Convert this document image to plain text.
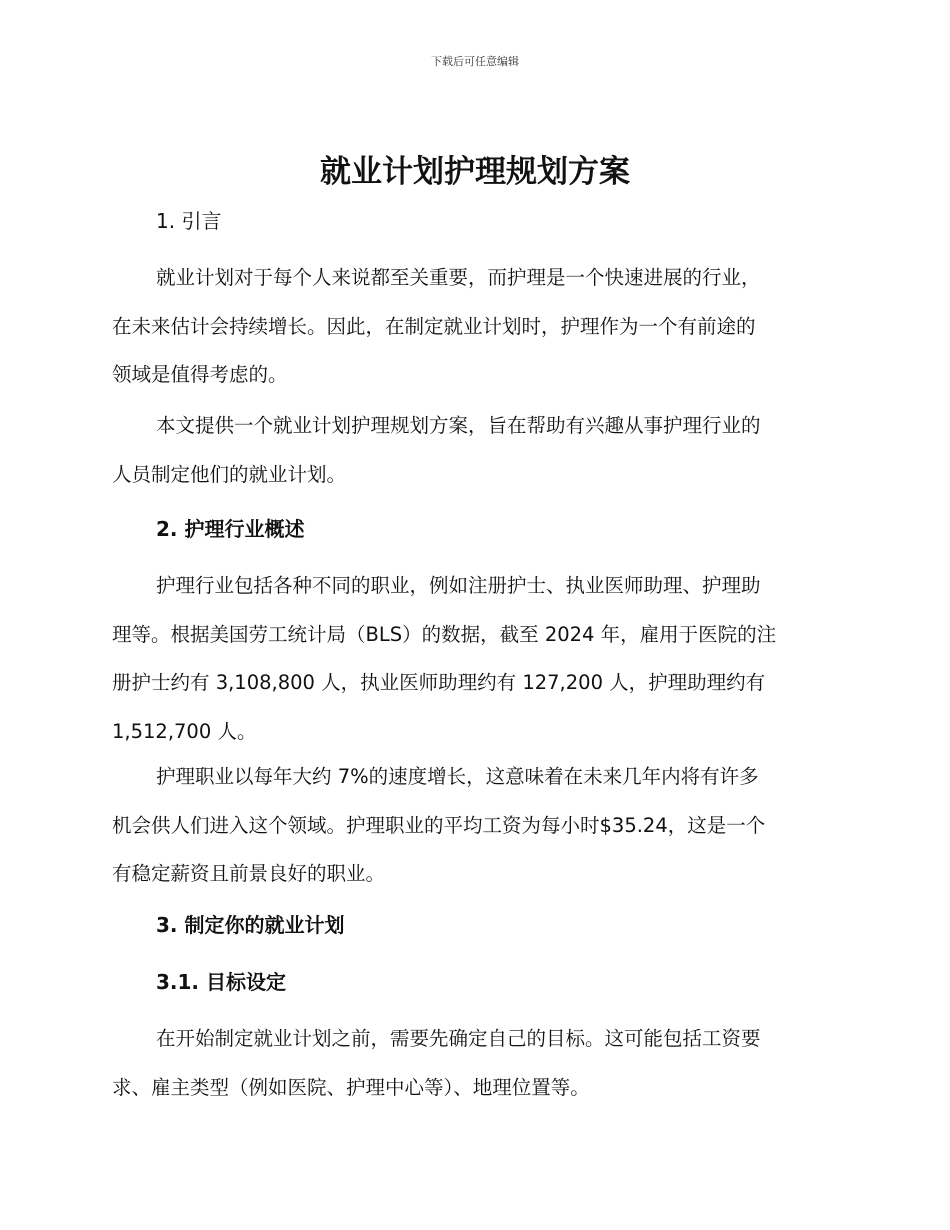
下载后可任意编辑
就业计划护理规划方案
1. 引言

就业计划对于每个人来说都至关重要，而护理是一个快速进展的行业，
在未来估计会持续增长。因此，在制定就业计划时，护理作为一个有前途的
领域是值得考虑的。

本文提供一个就业计划护理规划方案，旨在帮助有兴趣从事护理行业的
人员制定他们的就业计划。

2. 护理行业概述

护理行业包括各种不同的职业，例如注册护士、执业医师助理、护理助
理等。根据美国劳工统计局（BLS）的数据，截至 2024 年，雇用于医院的注
册护士约有 3,108,800 人，执业医师助理约有 127,200 人，护理助理约有
1,512,700 人。

护理职业以每年大约 7%的速度增长，这意味着在未来几年内将有许多
机会供人们进入这个领域。护理职业的平均工资为每小时$35.24，这是一个
有稳定薪资且前景良好的职业。

3. 制定你的就业计划
3.1. 目标设定

在开始制定就业计划之前，需要先确定自己的目标。这可能包括工资要
求、雇主类型（例如医院、护理中心等）、地理位置等。
